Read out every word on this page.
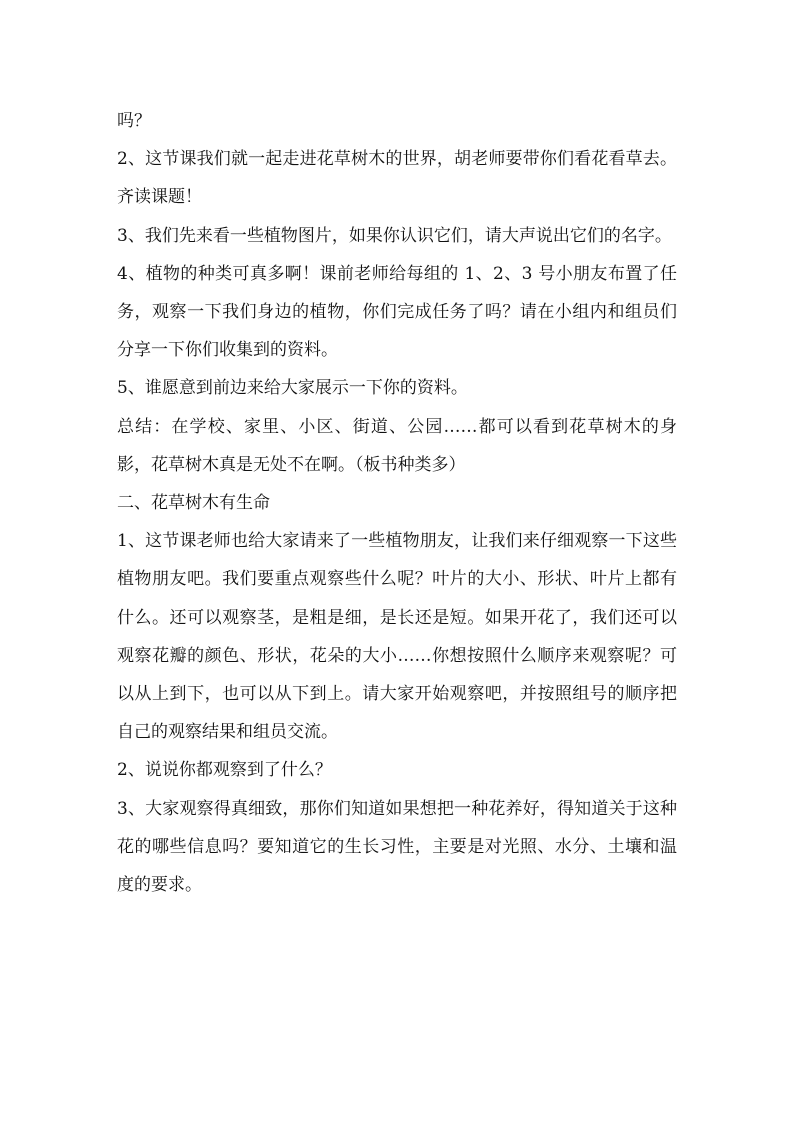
吗？

2、这节课我们就一起走进花草树木的世界，胡老师要带你们看花看草去。齐读课题！

3、我们先来看一些植物图片，如果你认识它们，请大声说出它们的名字。

4、植物的种类可真多啊！课前老师给每组的 1、2、3 号小朋友布置了任务，观察一下我们身边的植物，你们完成任务了吗？请在小组内和组员们分享一下你们收集到的资料。

5、谁愿意到前边来给大家展示一下你的资料。

总结：在学校、家里、小区、街道、公园……都可以看到花草树木的身影，花草树木真是无处不在啊。（板书种类多）

二、花草树木有生命

1、这节课老师也给大家请来了一些植物朋友，让我们来仔细观察一下这些植物朋友吧。我们要重点观察些什么呢？叶片的大小、形状、叶片上都有什么。还可以观察茎，是粗是细，是长还是短。如果开花了，我们还可以观察花瓣的颜色、形状，花朵的大小……你想按照什么顺序来观察呢？可以从上到下，也可以从下到上。请大家开始观察吧，并按照组号的顺序把自己的观察结果和组员交流。

2、说说你都观察到了什么？

3、大家观察得真细致，那你们知道如果想把一种花养好，得知道关于这种花的哪些信息吗？要知道它的生长习性，主要是对光照、水分、土壤和温度的要求。
